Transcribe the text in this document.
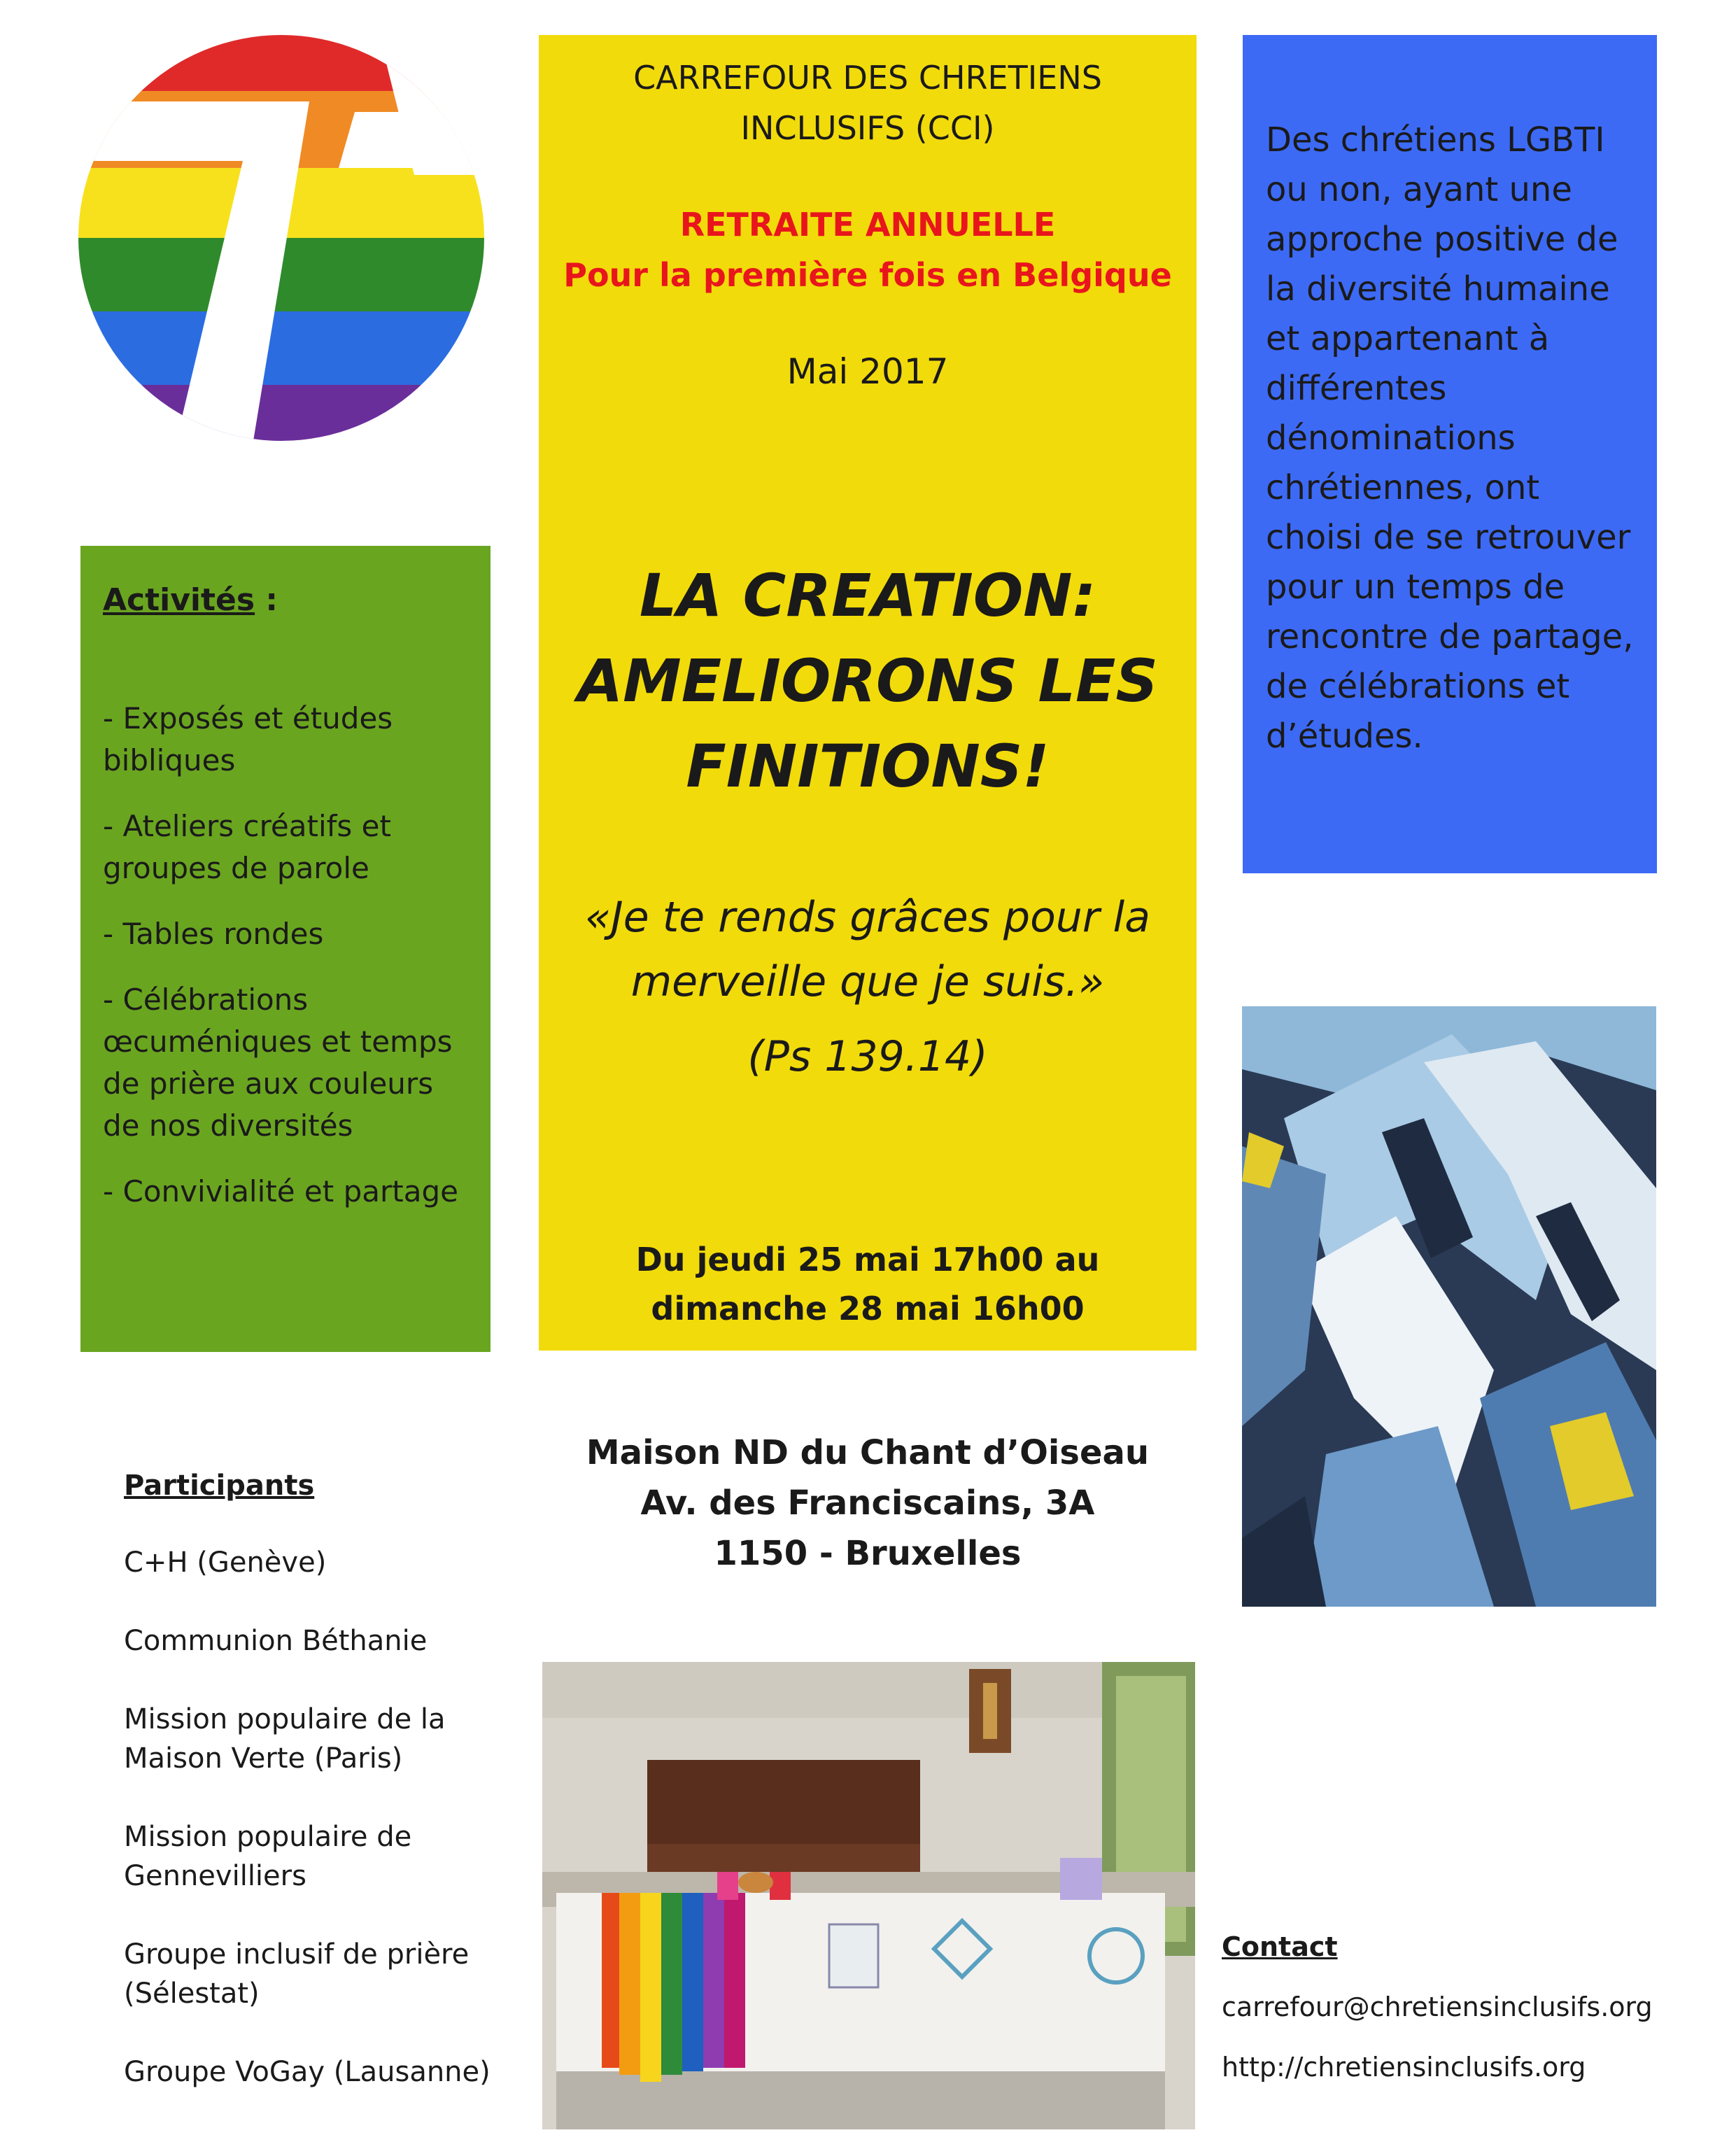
Activités :
- Exposés et études bibliques
- Ateliers créatifs et groupes de parole
- Tables rondes
- Célébrations œcuméniques et temps de prière aux couleurs de nos diversités
- Convivialité et partage
CARREFOUR DES CHRETIENS
INCLUSIFS (CCI)
RETRAITE ANNUELLE
Pour la première fois en Belgique
Mai 2017
LA CREATION:
AMELIORONS LES
FINITIONS!
«Je te rends grâces pour la
merveille que je suis.»
(Ps 139.14)
Du jeudi 25 mai 17h00 au
dimanche 28 mai 16h00
Des chrétiens LGBTI ou non, ayant une approche positive de la diversité humaine et appartenant à différentes dénominations chrétiennes, ont choisi de se retrouver pour un temps de rencontre de partage, de célébrations et d’études.
Maison ND du Chant d’Oiseau
Av. des Franciscains, 3A
1150 - Bruxelles
Participants
C+H (Genève)
Communion Béthanie
Mission populaire de la Maison Verte (Paris)
Mission populaire de Gennevilliers
Groupe inclusif de prière (Sélestat)
Groupe VoGay (Lausanne)
Contact
carrefour@chretiensinclusifs.org
http://chretiensinclusifs.org
